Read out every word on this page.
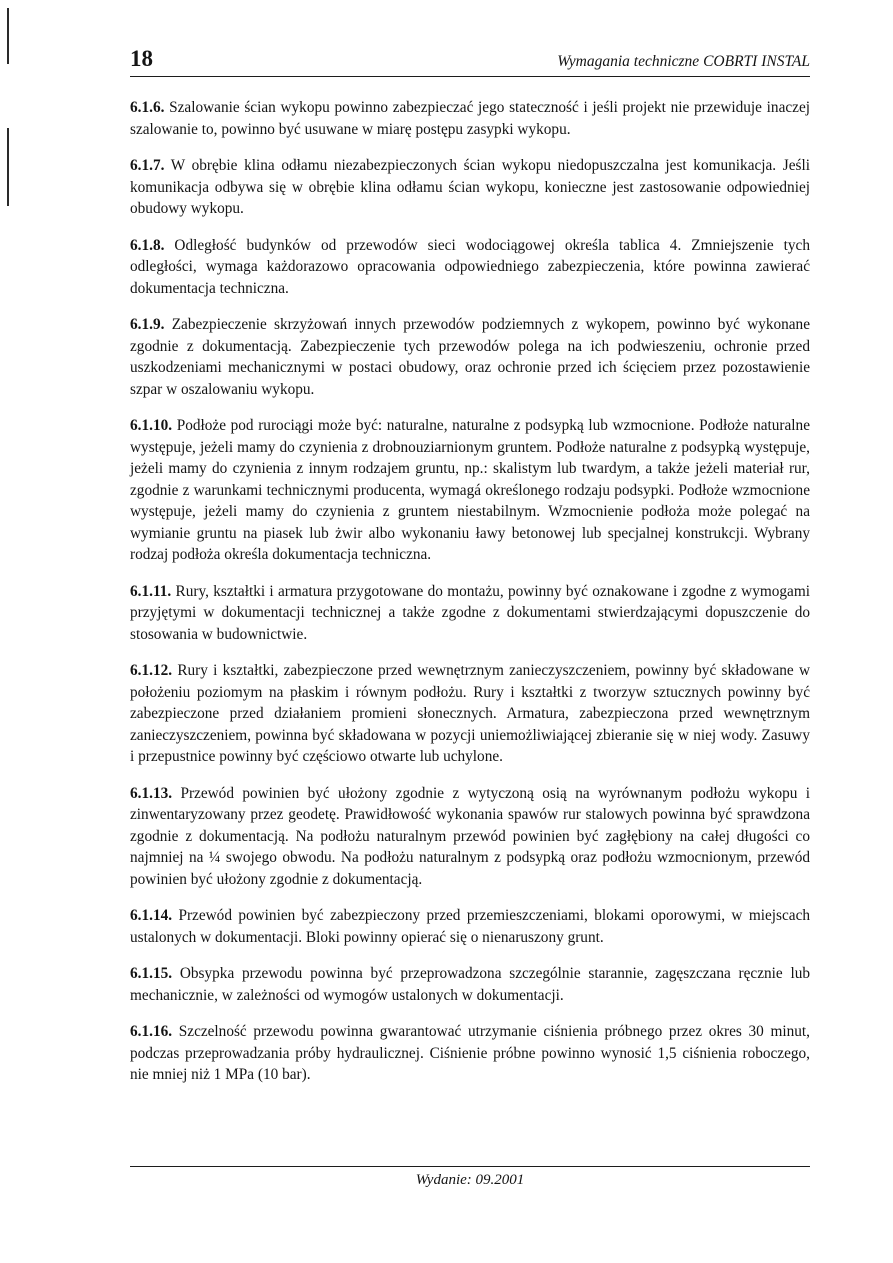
18	Wymagania techniczne COBRTI INSTAL

6.1.6. Szalowanie ścian wykopu powinno zabezpieczać jego stateczność i jeśli projekt nie przewiduje inaczej szalowanie to, powinno być usuwane w miarę postępu zasypki wykopu.

6.1.7. W obrębie klina odłamu niezabezpieczonych ścian wykopu niedopuszczalna jest komunikacja. Jeśli komunikacja odbywa się w obrębie klina odłamu ścian wykopu, konieczne jest zastosowanie odpowiedniej obudowy wykopu.

6.1.8. Odległość budynków od przewodów sieci wodociągowej określa tablica 4. Zmniejszenie tych odległości, wymaga każdorazowo opracowania odpowiedniego zabezpieczenia, które powinna zawierać dokumentacja techniczna.

6.1.9. Zabezpieczenie skrzyżowań innych przewodów podziemnych z wykopem, powinno być wykonane zgodnie z dokumentacją. Zabezpieczenie tych przewodów polega na ich podwieszeniu, ochronie przed uszkodzeniami mechanicznymi w postaci obudowy, oraz ochronie przed ich ścięciem przez pozostawienie szpar w oszalowaniu wykopu.

6.1.10. Podłoże pod rurociągi może być: naturalne, naturalne z podsypką lub wzmocnione. Podłoże naturalne występuje, jeżeli mamy do czynienia z drobnouziarnionym gruntem. Podłoże naturalne z podsypką występuje, jeżeli mamy do czynienia z innym rodzajem gruntu, np.: skalistym lub twardym, a także jeżeli materiał rur, zgodnie z warunkami technicznymi producenta, wymagá określonego rodzaju podsypki. Podłoże wzmocnione występuje, jeżeli mamy do czynienia z gruntem niestabilnym. Wzmocnienie podłoża może polegać na wymianie gruntu na piasek lub żwir albo wykonaniu ławy betonowej lub specjalnej konstrukcji. Wybrany rodzaj podłoża określa dokumentacja techniczna.

6.1.11. Rury, kształtki i armatura przygotowane do montażu, powinny być oznakowane i zgodne z wymogami przyjętymi w dokumentacji technicznej a także zgodne z dokumentami stwierdzającymi dopuszczenie do stosowania w budownictwie.

6.1.12. Rury i kształtki, zabezpieczone przed wewnętrznym zanieczyszczeniem, powinny być składowane w położeniu poziomym na płaskim i równym podłożu. Rury i kształtki z tworzyw sztucznych powinny być zabezpieczone przed działaniem promieni słonecznych. Armatura, zabezpieczona przed wewnętrznym zanieczyszczeniem, powinna być składowana w pozycji uniemożliwiającej zbieranie się w niej wody. Zasuwy i przepustnice powinny być częściowo otwarte lub uchylone.

6.1.13. Przewód powinien być ułożony zgodnie z wytyczoną osią na wyrównanym podłożu wykopu i zinwentaryzowany przez geodetę. Prawidłowość wykonania spawów rur stalowych powinna być sprawdzona zgodnie z dokumentacją. Na podłożu naturalnym przewód powinien być zagłębiony na całej długości co najmniej na ¼ swojego obwodu. Na podłożu naturalnym z podsypką oraz podłożu wzmocnionym, przewód powinien być ułożony zgodnie z dokumentacją.

6.1.14. Przewód powinien być zabezpieczony przed przemieszczeniami, blokami oporowymi, w miejscach ustalonych w dokumentacji. Bloki powinny opierać się o nienaruszony grunt.

6.1.15. Obsypka przewodu powinna być przeprowadzona szczególnie starannie, zagęszczana ręcznie lub mechanicznie, w zależności od wymogów ustalonych w dokumentacji.

6.1.16. Szczelność przewodu powinna gwarantować utrzymanie ciśnienia próbnego przez okres 30 minut, podczas przeprowadzania próby hydraulicznej. Ciśnienie próbne powinno wynosić 1,5 ciśnienia roboczego, nie mniej niż 1 MPa (10 bar).

Wydanie: 09.2001
